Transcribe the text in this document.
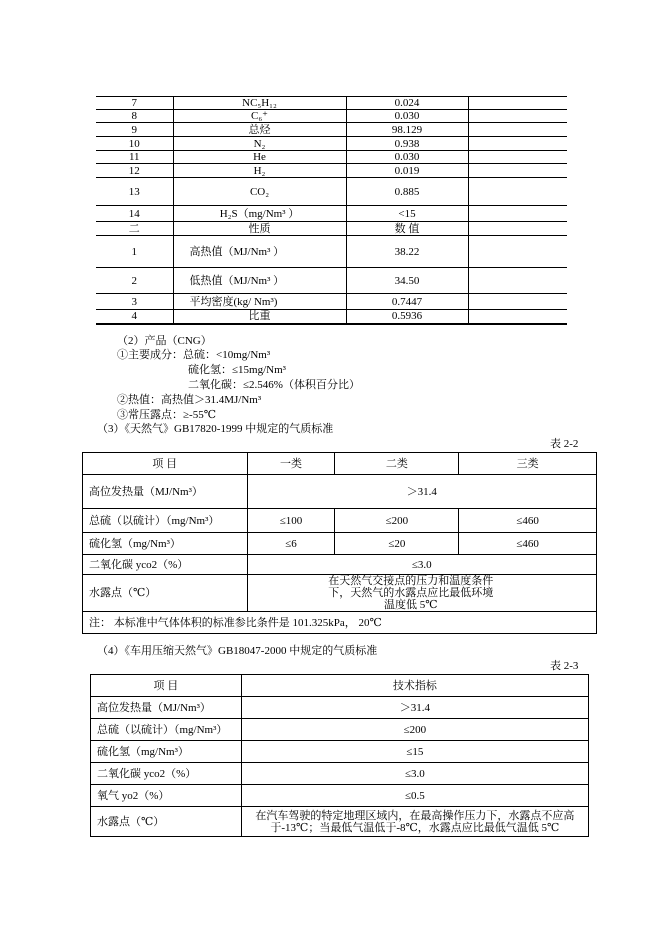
7	NC₅H₁₂	0.024	
8	C₆⁺	0.030	
9	总烃	98.129	
10	N₂	0.938	
11	He	0.030	
12	H₂	0.019	
13	CO₂	0.885	
14	H₂S（mg/Nm³ ）	<15	
二	性质	数 值	
1	高热值（MJ/Nm³ ）	38.22	
2	低热值（MJ/Nm³ ）	34.50	
3	平均密度(kg/ Nm³)	0.7447	
4	比重	0.5936	
（2）产品（CNG）
①主要成分：总硫：<10mg/Nm³
硫化氢：≤15mg/Nm³
二氧化碳：≤2.546%（体积百分比）
②热值：高热值＞31.4MJ/Nm³
③常压露点：≥-55℃
（3）《天然气》GB17820-1999 中规定的气质标准
表 2-2
项 目	一类	二类	三类
高位发热量（MJ/Nm³）	＞31.4		
总硫（以硫计）（mg/Nm³）	≤100	≤200	≤460
硫化氢（mg/Nm³）	≤6	≤20	≤460
二氧化碳 yco2（%）	≤3.0		
水露点（℃）	在天然气交接点的压力和温度条件下，天然气的水露点应比最低环境温度低 5℃		
注： 本标准中气体体积的标准参比条件是 101.325kPa， 20℃			
（4）《车用压缩天然气》GB18047-2000 中规定的气质标准
表 2-3
项 目	技术指标
高位发热量（MJ/Nm³）	＞31.4
总硫（以硫计）（mg/Nm³）	≤200
硫化氢（mg/Nm³）	≤15
二氧化碳 yco2（%）	≤3.0
氧气 yo2（%）	≤0.5
水露点（℃）	在汽车驾驶的特定地理区域内，在最高操作压力下，水露点不应高于-13℃；当最低气温低于-8℃，水露点应比最低气温低 5℃
